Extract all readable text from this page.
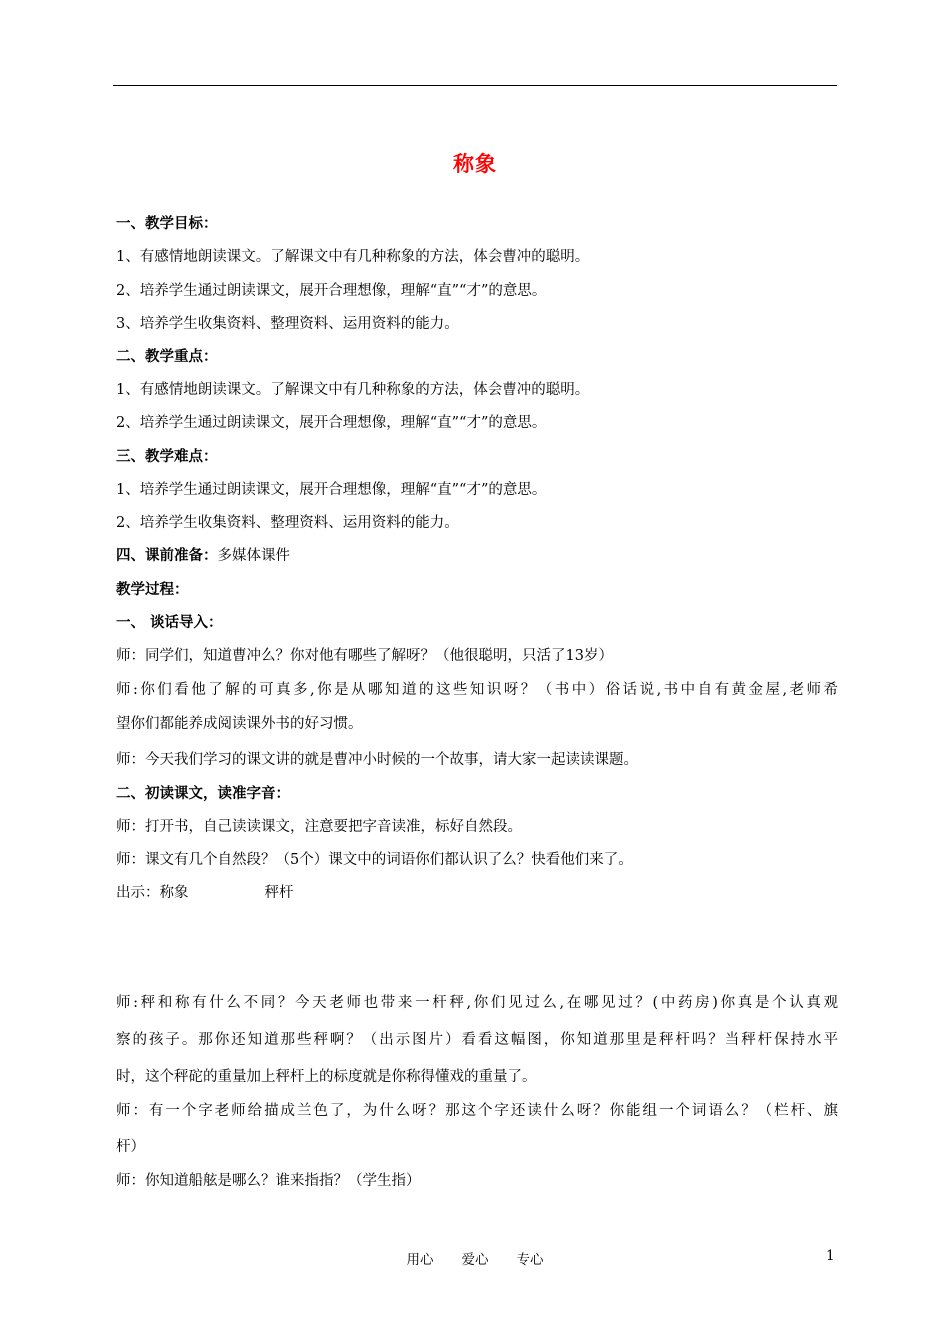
称象
一、教学目标：
1、有感情地朗读课文。了解课文中有几种称象的方法，体会曹冲的聪明。
2、培养学生通过朗读课文，展开合理想像，理解“直”“才”的意思。
3、培养学生收集资料、整理资料、运用资料的能力。
二、教学重点：
1、有感情地朗读课文。了解课文中有几种称象的方法，体会曹冲的聪明。
2、培养学生通过朗读课文，展开合理想像，理解“直”“才”的意思。
三、教学难点：
1、培养学生通过朗读课文，展开合理想像，理解“直”“才”的意思。
2、培养学生收集资料、整理资料、运用资料的能力。
四、课前准备：多媒体课件
教学过程：
一、 谈话导入：
师：同学们，知道曹冲么？你对他有哪些了解呀？（他很聪明，只活了13岁）
师:你们看他了解的可真多,你是从哪知道的这些知识呀？（书中）俗话说,书中自有黄金屋,老师希
望你们都能养成阅读课外书的好习惯。
师：今天我们学习的课文讲的就是曹冲小时候的一个故事，请大家一起读读课题。
二、初读课文，读准字音：
师：打开书，自己读读课文，注意要把字音读准，标好自然段。
师：课文有几个自然段？（5个）课文中的词语你们都认识了么？快看他们来了。
出示：称象	秤杆
师:秤和称有什么不同？今天老师也带来一杆秤,你们见过么,在哪见过？(中药房)你真是个认真观
察的孩子。那你还知道那些秤啊？（出示图片）看看这幅图，你知道那里是秤杆吗？当秤杆保持水平
时，这个秤砣的重量加上秤杆上的标度就是你称得懂戏的重量了。
师：有一个字老师给描成兰色了，为什么呀？那这个字还读什么呀？你能组一个词语么？（栏杆、旗
杆）
师：你知道船舷是哪么？谁来指指？（学生指）
用心 爱心 专心	1
